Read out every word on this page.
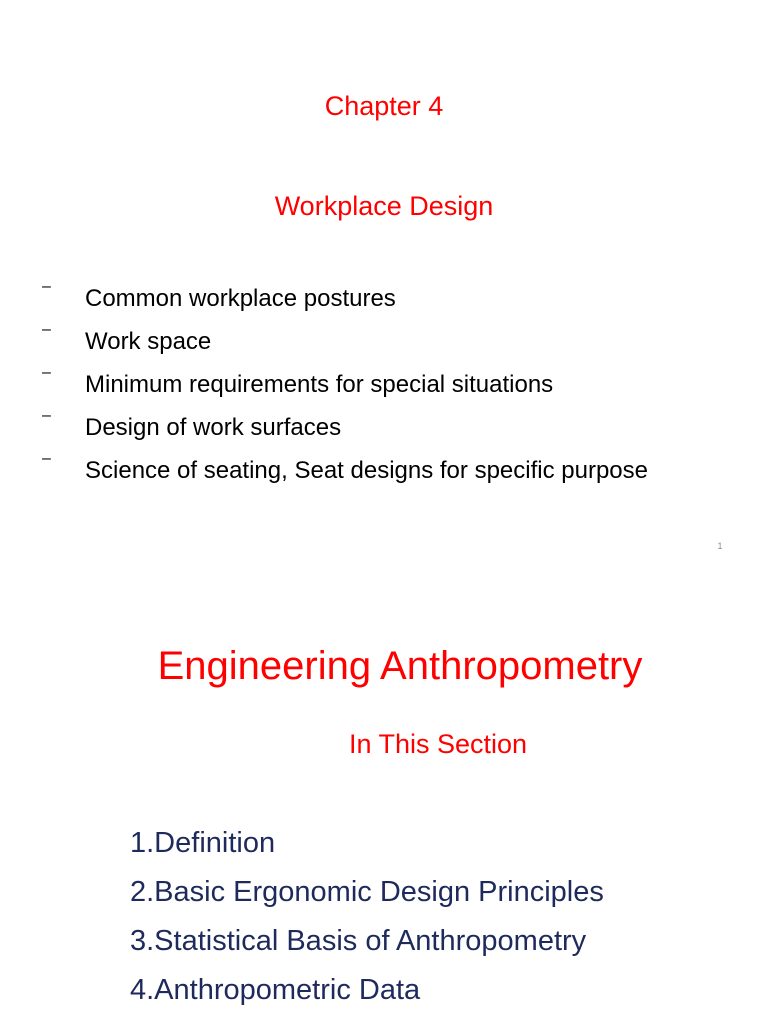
Chapter 4
Workplace Design
– Common workplace postures
– Work space
– Minimum requirements for special situations
– Design of work surfaces
– Science of seating, Seat designs for specific purpose
1
Engineering Anthropometry
In This Section
1.Definition
2.Basic Ergonomic Design Principles
3.Statistical Basis of Anthropometry
4.Anthropometric Data
